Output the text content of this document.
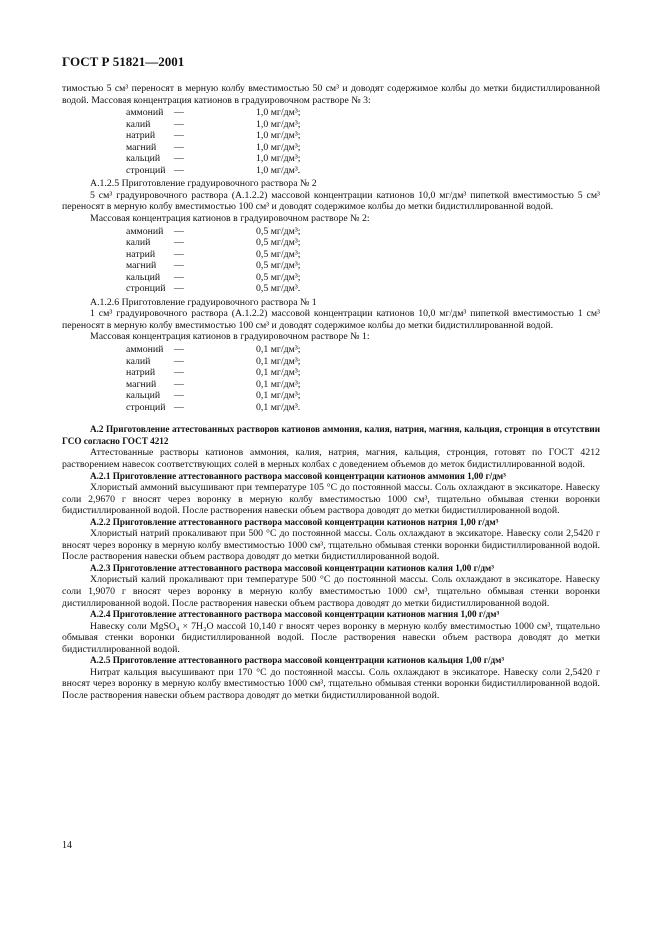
ГОСТ Р 51821—2001

тимостью 5 см³ переносят в мерную колбу вместимостью 50 см³ и доводят содержимое колбы до метки бидистиллированной водой. Массовая концентрация катионов в градуировочном растворе № 3:

аммоний	—	1,0 мг/дм³;
калий	—	1,0 мг/дм³;
натрий	—	1,0 мг/дм³;
магний	—	1,0 мг/дм³;
кальций	—	1,0 мг/дм³;
стронций —	1,0 мг/дм³.

А.1.2.5 Приготовление градуировочного раствора № 2

5 см³ градуировочного раствора (А.1.2.2) массовой концентрации катионов 10,0 мг/дм³ пипеткой вместимостью 5 см³ переносят в мерную колбу вместимостью 100 см³ и доводят содержимое колбы до метки бидистиллированной водой.

Массовая концентрация катионов в градуировочном растворе № 2:

аммоний	—	0,5 мг/дм³;
калий	—	0,5 мг/дм³;
натрий	—	0,5 мг/дм³;
магний	—	0,5 мг/дм³;
кальций	—	0,5 мг/дм³;
стронций —	0,5 мг/дм³.

А.1.2.6 Приготовление градуировочного раствора № 1

1 см³ градуировочного раствора (А.1.2.2) массовой концентрации катионов 10,0 мг/дм³ пипеткой вместимостью 1 см³ переносят в мерную колбу вместимостью 100 см³ и доводят содержимое колбы до метки бидистиллированной водой.

Массовая концентрация катионов в градуировочном растворе № 1:

аммоний	—	0,1 мг/дм³;
калий	—	0,1 мг/дм³;
натрий	—	0,1 мг/дм³;
магний	—	0,1 мг/дм³;
кальций	—	0,1 мг/дм³;
стронций —	0,1 мг/дм³.

А.2 Приготовление аттестованных растворов катионов аммония, калия, натрия, магния, кальция, стронция в отсутствии ГСО согласно ГОСТ 4212

Аттестованные растворы катионов аммония, калия, натрия, магния, кальция, стронция, готовят по ГОСТ 4212 растворением навесок соответствующих солей в мерных колбах с доведением объемов до меток бидистиллированной водой.

А.2.1 Приготовление аттестованного раствора массовой концентрации катионов аммония 1,00 г/дм³

Хлористый аммоний высушивают при температуре 105 °С до постоянной массы. Соль охлаждают в эксикаторе. Навеску соли 2,9670 г вносят через воронку в мерную колбу вместимостью 1000 см³, тщательно обмывая стенки воронки бидистиллированной водой. После растворения навески объем раствора доводят до метки бидистиллированной водой.

А.2.2 Приготовление аттестованного раствора массовой концентрации катионов натрия 1,00 г/дм³

Хлористый натрий прокаливают при 500 °С до постоянной массы. Соль охлаждают в эксикаторе. Навеску соли 2,5420 г вносят через воронку в мерную колбу вместимостью 1000 см³, тщательно обмывая стенки воронки бидистиллированной водой. После растворения навески объем раствора доводят до метки бидистиллированной водой.

А.2.3 Приготовление аттестованного раствора массовой концентрации катионов калия 1,00 г/дм³

Хлористый калий прокаливают при температуре 500 °С до постоянной массы. Соль охлаждают в эксикаторе. Навеску соли 1,9070 г вносят через воронку в мерную колбу вместимостью 1000 см³, тщательно обмывая стенки воронки дистиллированной водой. После растворения навески объем раствора доводят до метки бидистиллированной водой.

А.2.4 Приготовление аттестованного раствора массовой концентрации катионов магния 1,00 г/дм³

Навеску соли MgSO₄ × 7H₂O массой 10,140 г вносят через воронку в мерную колбу вместимостью 1000 см³, тщательно обмывая стенки воронки бидистиллированной водой. После растворения навески объем раствора доводят до метки бидистиллированной водой.

А.2.5 Приготовление аттестованного раствора массовой концентрации катионов кальция 1,00 г/дм³

Нитрат кальция высушивают при 170 °С до постоянной массы. Соль охлаждают в эксикаторе. Навеску соли 2,5420 г вносят через воронку в мерную колбу вместимостью 1000 см³, тщательно обмывая стенки воронки бидистиллированной водой. После растворения навески объем раствора доводят до метки бидистиллированной водой.

14
